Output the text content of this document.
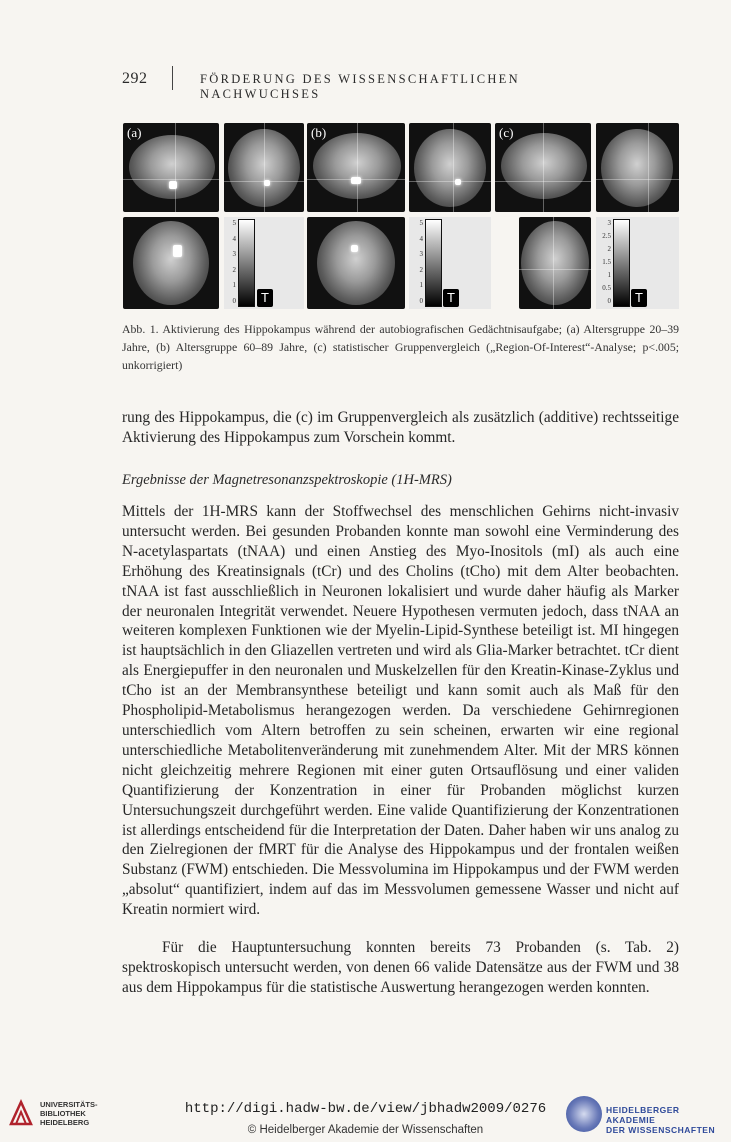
292	FÖRDERUNG DES WISSENSCHAFTLICHEN NACHWUCHSES
(a)
5
4
3
2
1
0 T
(b)
5
4
3
2
1
0 T
(c)
3
2.5
2
1.5
1
0.5
0 T
Abb. 1. Aktivierung des Hippokampus während der autobiografischen Gedächtnisaufgabe; (a) Altersgruppe 20–39 Jahre, (b) Altersgruppe 60–89 Jahre, (c) statistischer Gruppenvergleich („Region-Of-Interest“-Analyse; p<.005; unkorrigiert)
rung des Hippokampus, die (c) im Gruppenvergleich als zusätzlich (additive) rechtsseitige Aktivierung des Hippokampus zum Vorschein kommt.
Ergebnisse der Magnetresonanzspektroskopie (1H-MRS)
Mittels der 1H-MRS kann der Stoffwechsel des menschlichen Gehirns nicht-invasiv untersucht werden. Bei gesunden Probanden konnte man sowohl eine Verminderung des N-acetylaspartats (tNAA) und einen Anstieg des Myo-Inositols (mI) als auch eine Erhöhung des Kreatinsignals (tCr) und des Cholins (tCho) mit dem Alter beobachten. tNAA ist fast ausschließlich in Neuronen lokalisiert und wurde daher häufig als Marker der neuronalen Integrität verwendet. Neuere Hypothesen vermuten jedoch, dass tNAA an weiteren komplexen Funktionen wie der Myelin-Lipid-Synthese beteiligt ist. MI hingegen ist hauptsächlich in den Gliazellen vertreten und wird als Glia-Marker betrachtet. tCr dient als Energiepuffer in den neuronalen und Muskelzellen für den Kreatin-Kinase-Zyklus und tCho ist an der Membransynthese beteiligt und kann somit auch als Maß für den Phospholipid-Metabolismus herangezogen werden. Da verschiedene Gehirnregionen unterschiedlich vom Altern betroffen zu sein scheinen, erwarten wir eine regional unterschiedliche Metabolitenveränderung mit zunehmendem Alter. Mit der MRS können nicht gleichzeitig mehrere Regionen mit einer guten Ortsauflösung und einer validen Quantifizierung der Konzentration in einer für Probanden möglichst kurzen Untersuchungszeit durchgeführt werden. Eine valide Quantifizierung der Konzentrationen ist allerdings entscheidend für die Interpretation der Daten. Daher haben wir uns analog zu den Zielregionen der fMRT für die Analyse des Hippokampus und der frontalen weißen Substanz (FWM) entschieden. Die Messvolumina im Hippokampus und der FWM werden „absolut“ quantifiziert, indem auf das im Messvolumen gemessene Wasser und nicht auf Kreatin normiert wird.
Für die Hauptuntersuchung konnten bereits 73 Probanden (s. Tab. 2) spektroskopisch untersucht werden, von denen 66 valide Datensätze aus der FWM und 38 aus dem Hippokampus für die statistische Auswertung herangezogen werden konnten.
UNIVERSITÄTS-
BIBLIOTHEK
HEIDELBERG
http://digi.hadw-bw.de/view/jbhadw2009/0276
© Heidelberger Akademie der Wissenschaften
HEIDELBERGER AKADEMIE
DER WISSENSCHAFTEN
